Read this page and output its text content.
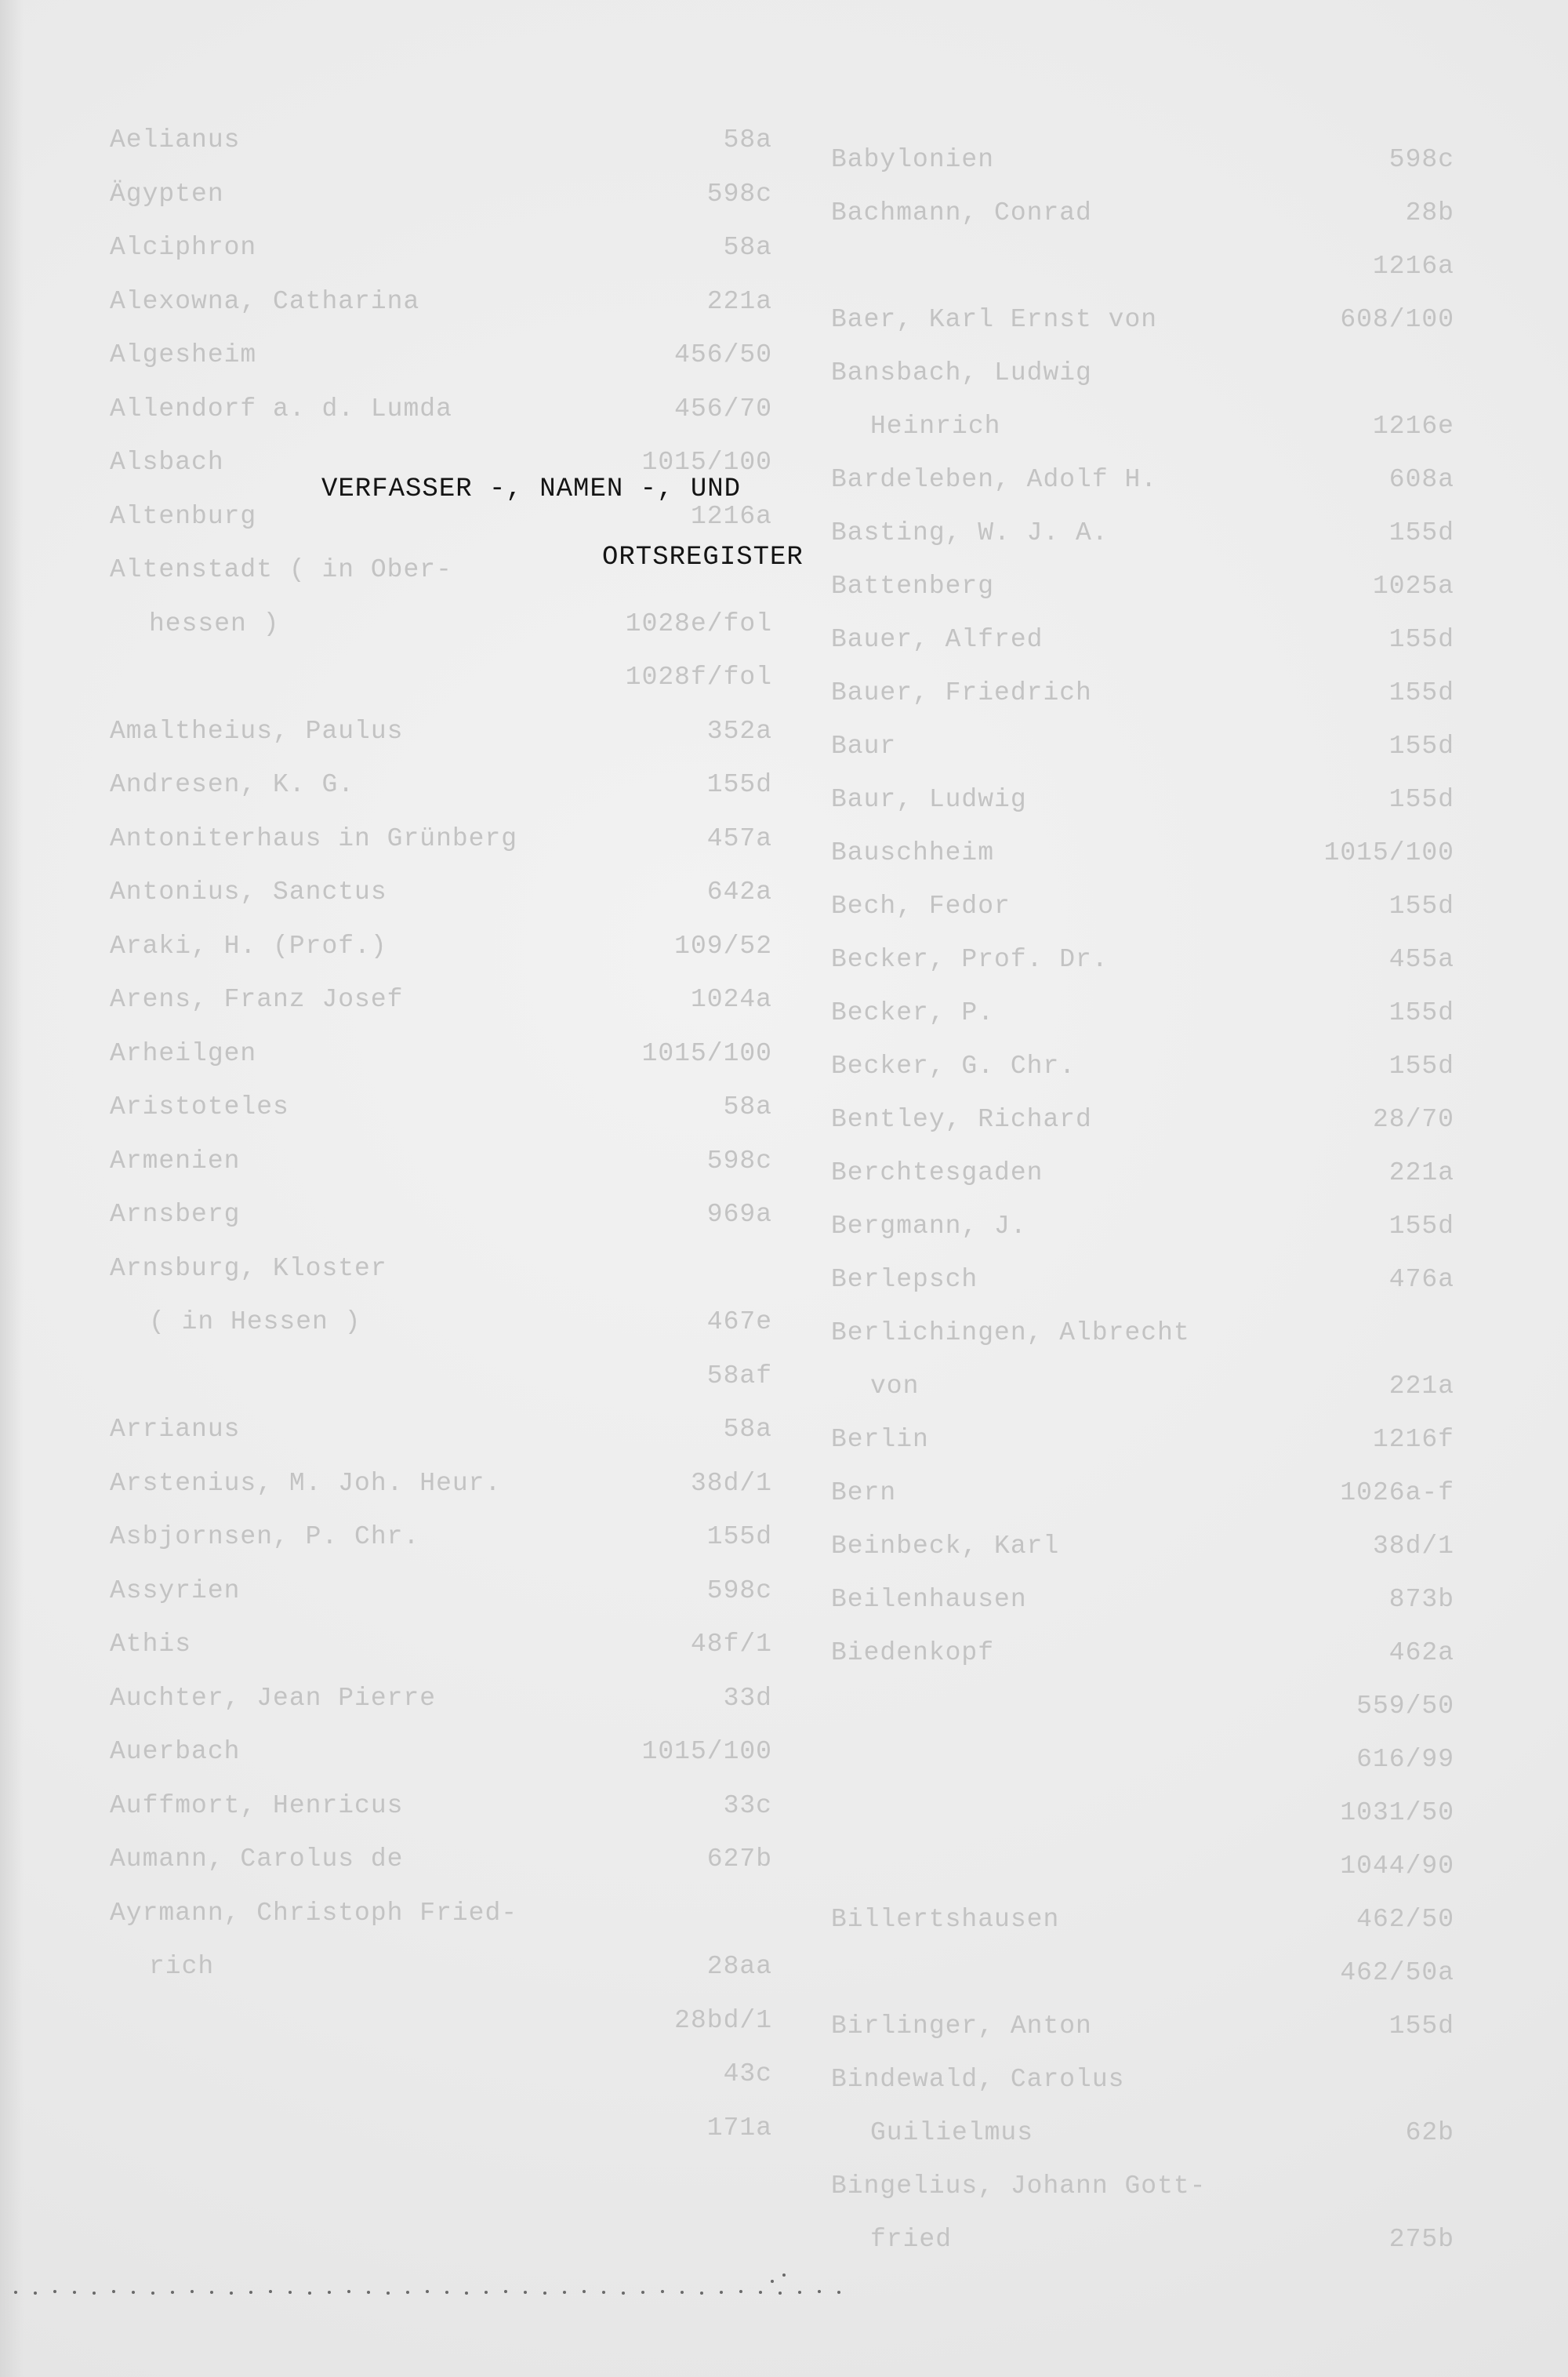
Aelianus	58a
Ägypten	598c
Alciphron	58a
Alexowna, Catharina	221a
Algesheim	456/50
Allendorf a. d. Lumda	456/70
Alsbach	1015/100
Altenburg	1216a
Altenstadt ( in Ober-
hessen )	1028e/fol
1028f/fol
Amaltheius, Paulus	352a
Andresen, K. G.	155d
Antoniterhaus in Grünberg	457a
Antonius, Sanctus	642a
Araki, H. (Prof.)	109/52
Arens, Franz Josef	1024a
Arheilgen	1015/100
Aristoteles	58a
Armenien	598c
Arnsberg	969a
Arnsburg, Kloster
( in Hessen )	467e
58af
Arrianus	58a
Arstenius, M. Joh. Heur.	38d/1
Asbjornsen, P. Chr.	155d
Assyrien	598c
Athis	48f/1
Auchter, Jean Pierre	33d
Auerbach	1015/100
Auffmort, Henricus	33c
Aumann, Carolus de	627b
Ayrmann, Christoph Fried-
rich	28aa
28bd/1
43c
171a
Babylonien	598c
Bachmann, Conrad	28b
1216a
Baer, Karl Ernst von	608/100
Bansbach, Ludwig
Heinrich	1216e
Bardeleben, Adolf H.	608a
Basting, W. J. A.	155d
Battenberg	1025a
Bauer, Alfred	155d
Bauer, Friedrich	155d
Baur	155d
Baur, Ludwig	155d
Bauschheim	1015/100
Bech, Fedor	155d
Becker, Prof. Dr.	455a
Becker, P.	155d
Becker, G. Chr.	155d
Bentley, Richard	28/70
Berchtesgaden	221a
Bergmann, J.	155d
Berlepsch	476a
Berlichingen, Albrecht
von	221a
Berlin	1216f
Bern	1026a-f
Beinbeck, Karl	38d/1
Beilenhausen	873b
Biedenkopf	462a
559/50
616/99
1031/50
1044/90
Billertshausen	462/50
462/50a
Birlinger, Anton	155d
Bindewald, Carolus
Guilielmus	62b
Bingelius, Johann Gott-
fried	275b
VERFASSER -, NAMEN -, UND
ORTSREGISTER
